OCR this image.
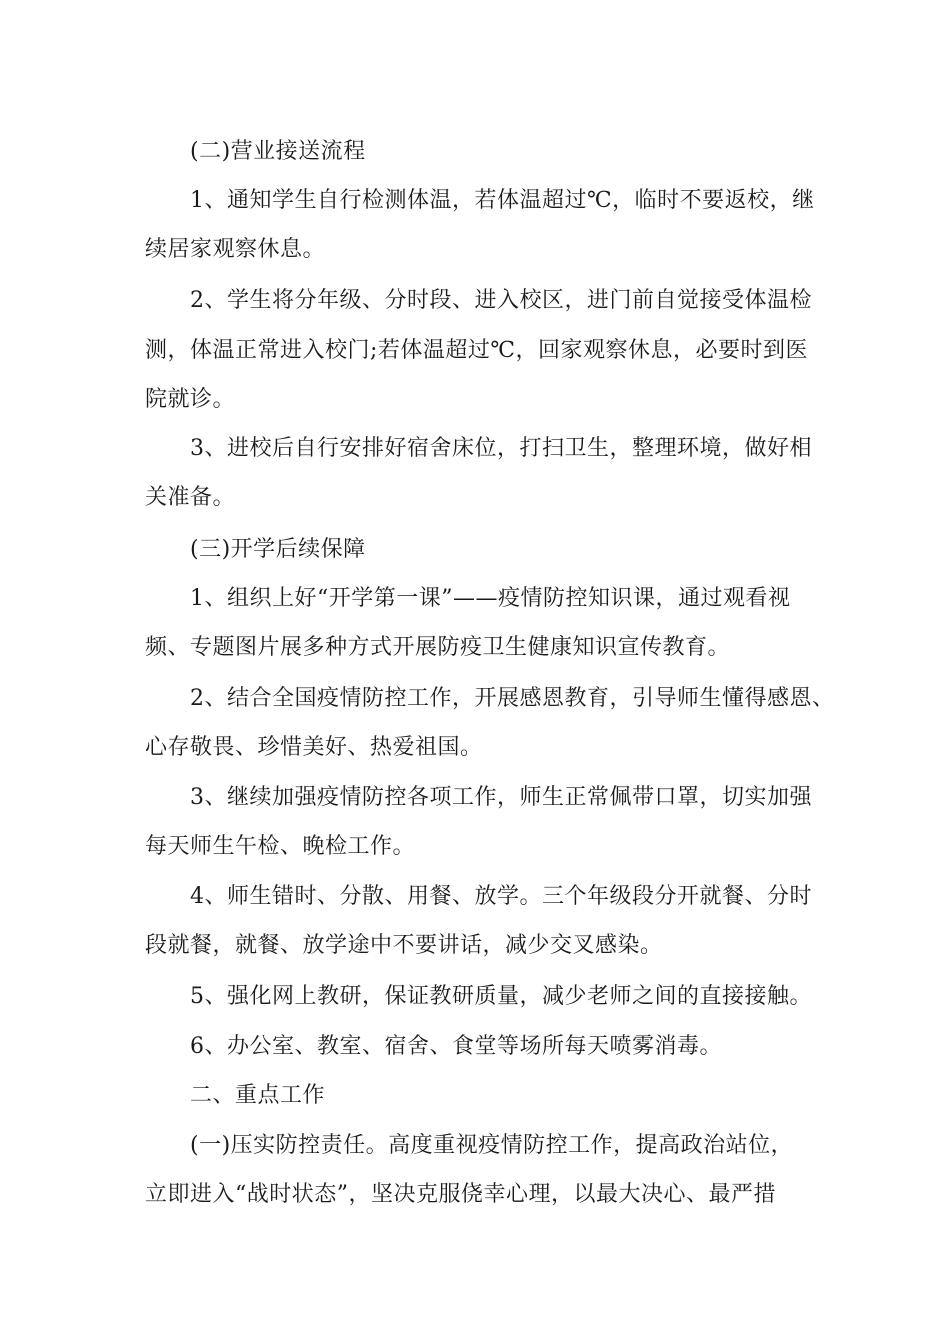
(二)营业接送流程
1、通知学生自行检测体温，若体温超过℃，临时不要返校，继
续居家观察休息。
2、学生将分年级、分时段、进入校区，进门前自觉接受体温检
测，体温正常进入校门;若体温超过℃，回家观察休息，必要时到医
院就诊。
3、进校后自行安排好宿舍床位，打扫卫生，整理环境，做好相
关准备。
(三)开学后续保障
1、组织上好“开学第一课”——疫情防控知识课，通过观看视
频、专题图片展多种方式开展防疫卫生健康知识宣传教育。
2、结合全国疫情防控工作，开展感恩教育，引导师生懂得感恩、
心存敬畏、珍惜美好、热爱祖国。
3、继续加强疫情防控各项工作，师生正常佩带口罩，切实加强
每天师生午检、晚检工作。
4、师生错时、分散、用餐、放学。三个年级段分开就餐、分时
段就餐，就餐、放学途中不要讲话，减少交叉感染。
5、强化网上教研，保证教研质量，减少老师之间的直接接触。
6、办公室、教室、宿舍、食堂等场所每天喷雾消毒。
二、重点工作
(一)压实防控责任。高度重视疫情防控工作，提高政治站位，
立即进入“战时状态”，坚决克服侥幸心理，以最大决心、最严措
